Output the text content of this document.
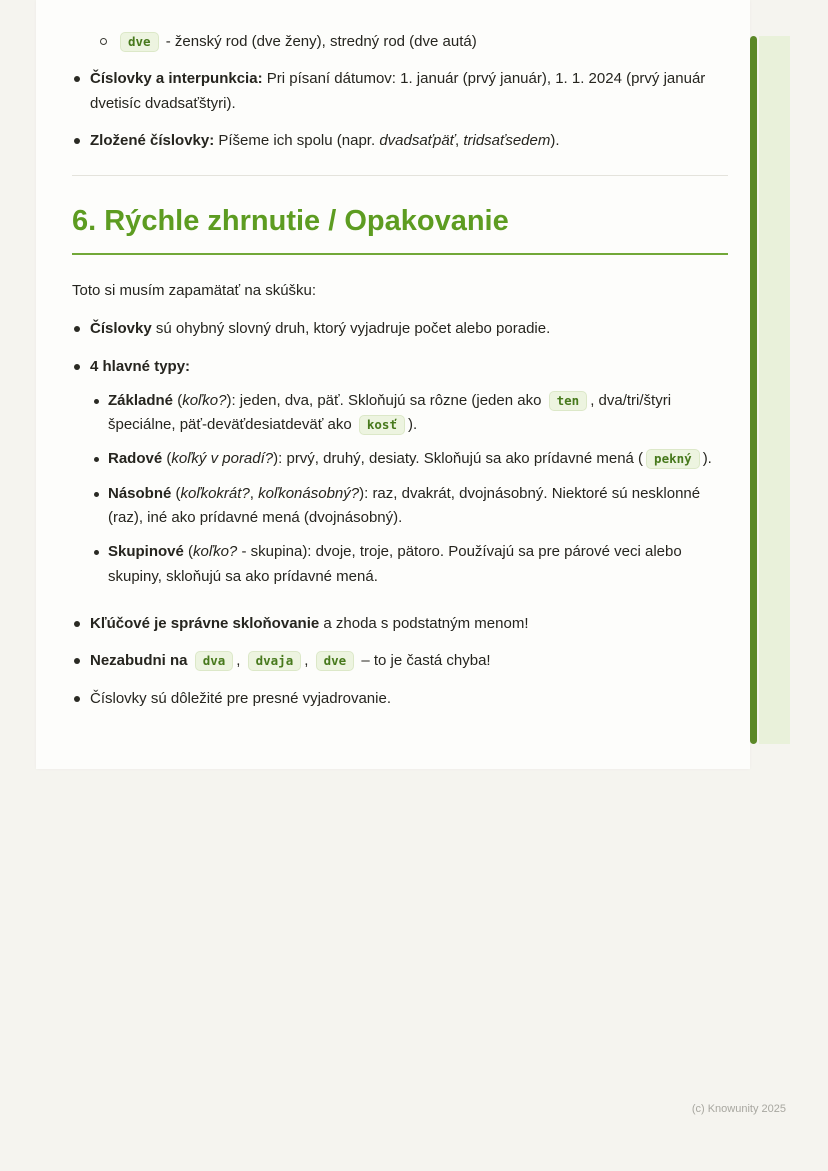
dve - ženský rod (dve ženy), stredný rod (dve autá)
Číslovky a interpunkcia: Pri písaní dátumov: 1. január (prvý január), 1. 1. 2024 (prvý január dvetisíc dvadsaťštyri).
Zložené číslovky: Píšeme ich spolu (napr. dvadsaťpäť, tridsaťsedem).
6. Rýchle zhrnutie / Opakovanie

Toto si musím zapamätať na skúšku:

Číslovky sú ohybný slovný druh, ktorý vyjadruje počet alebo poradie.
4 hlavné typy:
Základné (koľko?): jeden, dva, päť. Skloňujú sa rôzne (jeden ako ten , dva/tri/štyri špeciálne, päť-deväťdesiatdeväť ako kosť ).
Radové (koľký v poradí?): prvý, druhý, desiaty. Skloňujú sa ako prídavné mená ( pekný ).
Násobné (koľkokrát?, koľkonásobný?): raz, dvakrát, dvojnásobný. Niektoré sú nesklonné (raz), iné ako prídavné mená (dvojnásobný).
Skupinové (koľko? - skupina): dvoje, troje, pätoro. Používajú sa pre párové veci alebo skupiny, skloňujú sa ako prídavné mená.
Kľúčové je správne skloňovanie a zhoda s podstatným menom!
Nezabudni na dva , dvaja , dve – to je častá chyba!
Číslovky sú dôležité pre presné vyjadrovanie.
(c) Knowunity 2025
